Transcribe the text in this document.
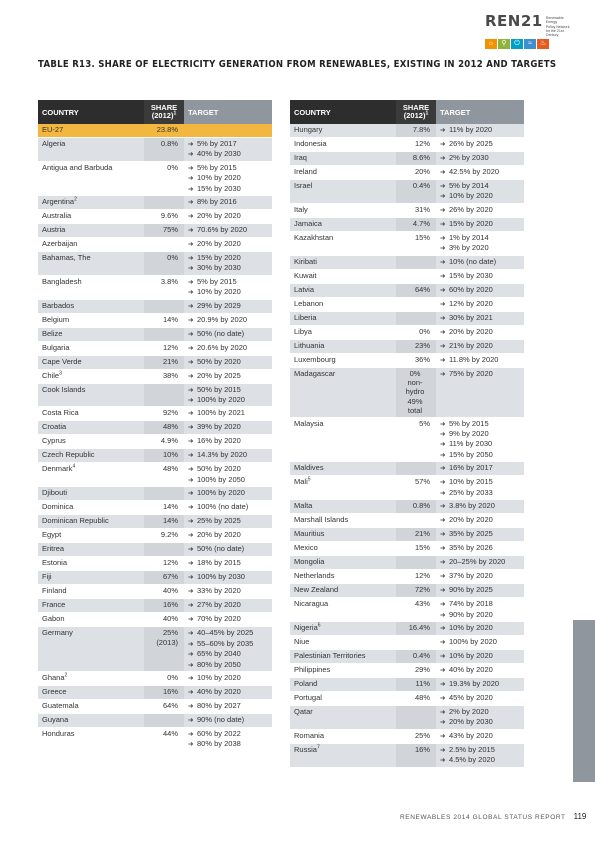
REN21 Renewable Energy
Policy Network
for the 21st Century
☼	⚲	⏻	≈	♨
TABLE R13. SHARE OF ELECTRICITY GENERATION FROM RENEWABLES, EXISTING IN 2012 AND TARGETS
COUNTRY	SHARE
$(2012)^1$	TARGET
EU-27	23.8%	

Algeria	0.8%	➔ 5% by 2017
➔ 40% by 2030

Antigua and Barbuda	0%	➔ 5% by 2015
➔ 10% by 2020
➔ 15% by 2030

Argentina$^2$		➔ 8% by 2016

Australia	9.6%	➔ 20% by 2020

Austria	75%	➔ 70.6% by 2020

Azerbaijan		➔ 20% by 2020

Bahamas, The	0%	➔ 15% by 2020
➔ 30% by 2030

Bangladesh	3.8%	➔ 5% by 2015
➔ 10% by 2020

Barbados		➔ 29% by 2029

Belgium	14%	➔ 20.9% by 2020

Belize		➔ 50% (no date)

Bulgaria	12%	➔ 20.6% by 2020

Cape Verde	21%	➔ 50% by 2020

Chile$^3$	38%	➔ 20% by 2025

Cook Islands		➔ 50% by 2015
➔ 100% by 2020

Costa Rica	92%	➔ 100% by 2021

Croatia	48%	➔ 39% by 2020

Cyprus	4.9%	➔ 16% by 2020

Czech Republic	10%	➔ 14.3% by 2020

Denmark$^4$	48%	➔ 50% by 2020
➔ 100% by 2050

Djibouti		➔ 100% by 2020

Dominica	14%	➔ 100% (no date)

Dominican Republic	14%	➔ 25% by 2025

Egypt	9.2%	➔ 20% by 2020

Eritrea		➔ 50% (no date)

Estonia	12%	➔ 18% by 2015

Fiji	67%	➔ 100% by 2030

Finland	40%	➔ 33% by 2020

France	16%	➔ 27% by 2020

Gabon	40%	➔ 70% by 2020

Germany	25%
(2013)	➔ 40–45% by 2025
➔ 55–60% by 2035
➔ 65% by 2040
➔ 80% by 2050

Ghana$^2$	0%	➔ 10% by 2020

Greece	16%	➔ 40% by 2020

Guatemala	64%	➔ 80% by 2027

Guyana		➔ 90% (no date)

Honduras	44%	➔ 60% by 2022
➔ 80% by 2038
COUNTRY	SHARE
$(2012)^1$	TARGET
Hungary	7.8%	➔ 11% by 2020

Indonesia	12%	➔ 26% by 2025

Iraq	8.6%	➔ 2% by 2030

Ireland	20%	➔ 42.5% by 2020

Israel	0.4%	➔ 5% by 2014
➔ 10% by 2020

Italy	31%	➔ 26% by 2020

Jamaica	4.7%	➔ 15% by 2020

Kazakhstan	15%	➔ 1% by 2014
➔ 3% by 2020

Kiribati		➔ 10% (no date)

Kuwait		➔ 15% by 2030

Latvia	64%	➔ 60% by 2020

Lebanon		➔ 12% by 2020

Liberia		➔ 30% by 2021

Libya	0%	➔ 20% by 2020

Lithuania	23%	➔ 21% by 2020

Luxembourg	36%	➔ 11.8% by 2020

Madagascar	0%
non-hydro
49% total	➔ 75% by 2020

Malaysia	5%	➔ 5% by 2015
➔ 9% by 2020
➔ 11% by 2030
➔ 15% by 2050

Maldives		➔ 16% by 2017

Mali$^5$	57%	➔ 10% by 2015
➔ 25% by 2033

Malta	0.8%	➔ 3.8% by 2020

Marshall Islands		➔ 20% by 2020

Mauritius	21%	➔ 35% by 2025

Mexico	15%	➔ 35% by 2026

Mongolia		➔ 20–25% by 2020

Netherlands	12%	➔ 37% by 2020

New Zealand	72%	➔ 90% by 2025

Nicaragua	43%	➔ 74% by 2018
➔ 90% by 2020

Nigeria$^6$	16.4%	➔ 10% by 2020

Niue		➔ 100% by 2020

Palestinian Territories	0.4%	➔ 10% by 2020

Philippines	29%	➔ 40% by 2020

Poland	11%	➔ 19.3% by 2020

Portugal	48%	➔ 45% by 2020

Qatar		➔ 2% by 2020
➔ 20% by 2030

Romania	25%	➔ 43% by 2020

Russia$^7$	16%	➔ 2.5% by 2015
➔ 4.5% by 2020
RENEWABLES 2014 GLOBAL STATUS REPORT 119
